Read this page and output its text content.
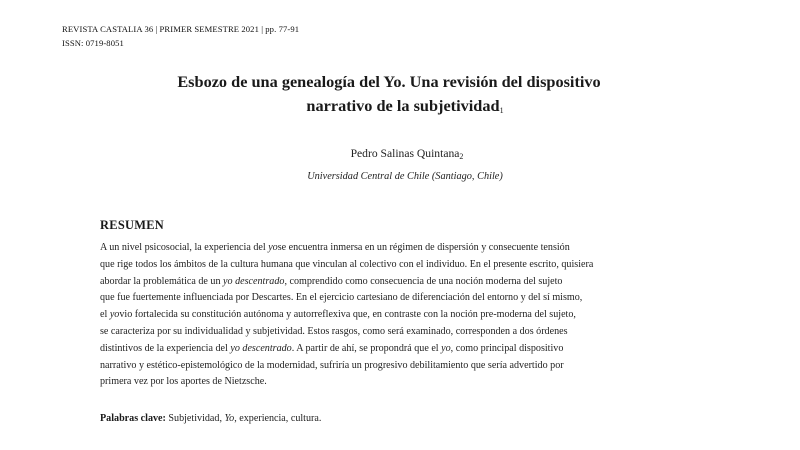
REVISTA CASTALIA 36 | PRIMER SEMESTRE 2021 | pp. 77-91
ISSN: 0719-8051
Esbozo de una genealogía del Yo. Una revisión del dispositivo
narrativo de la subjetividad$^1$
Pedro Salinas Quintana$^2$
Universidad Central de Chile (Santiago, Chile)
RESUMEN
A un nivel psicosocial, la experiencia del yose encuentra inmersa en un régimen de dispersión y consecuente tensión
que rige todos los ámbitos de la cultura humana que vinculan al colectivo con el individuo. En el presente escrito, quisiera
abordar la problemática de un yo descentrado, comprendido como consecuencia de una noción moderna del sujeto
que fue fuertemente influenciada por Descartes. En el ejercicio cartesiano de diferenciación del entorno y del sí mismo,
el yovio fortalecida su constitución autónoma y autorreflexiva que, en contraste con la noción pre-moderna del sujeto,
se caracteriza por su individualidad y subjetividad. Estos rasgos, como será examinado, corresponden a dos órdenes
distintivos de la experiencia del yo descentrado. A partir de ahí, se propondrá que el yo, como principal dispositivo
narrativo y estético-epistemológico de la modernidad, sufriría un progresivo debilitamiento que sería advertido por
primera vez por los aportes de Nietzsche.
Palabras clave: Subjetividad, Yo, experiencia, cultura.
